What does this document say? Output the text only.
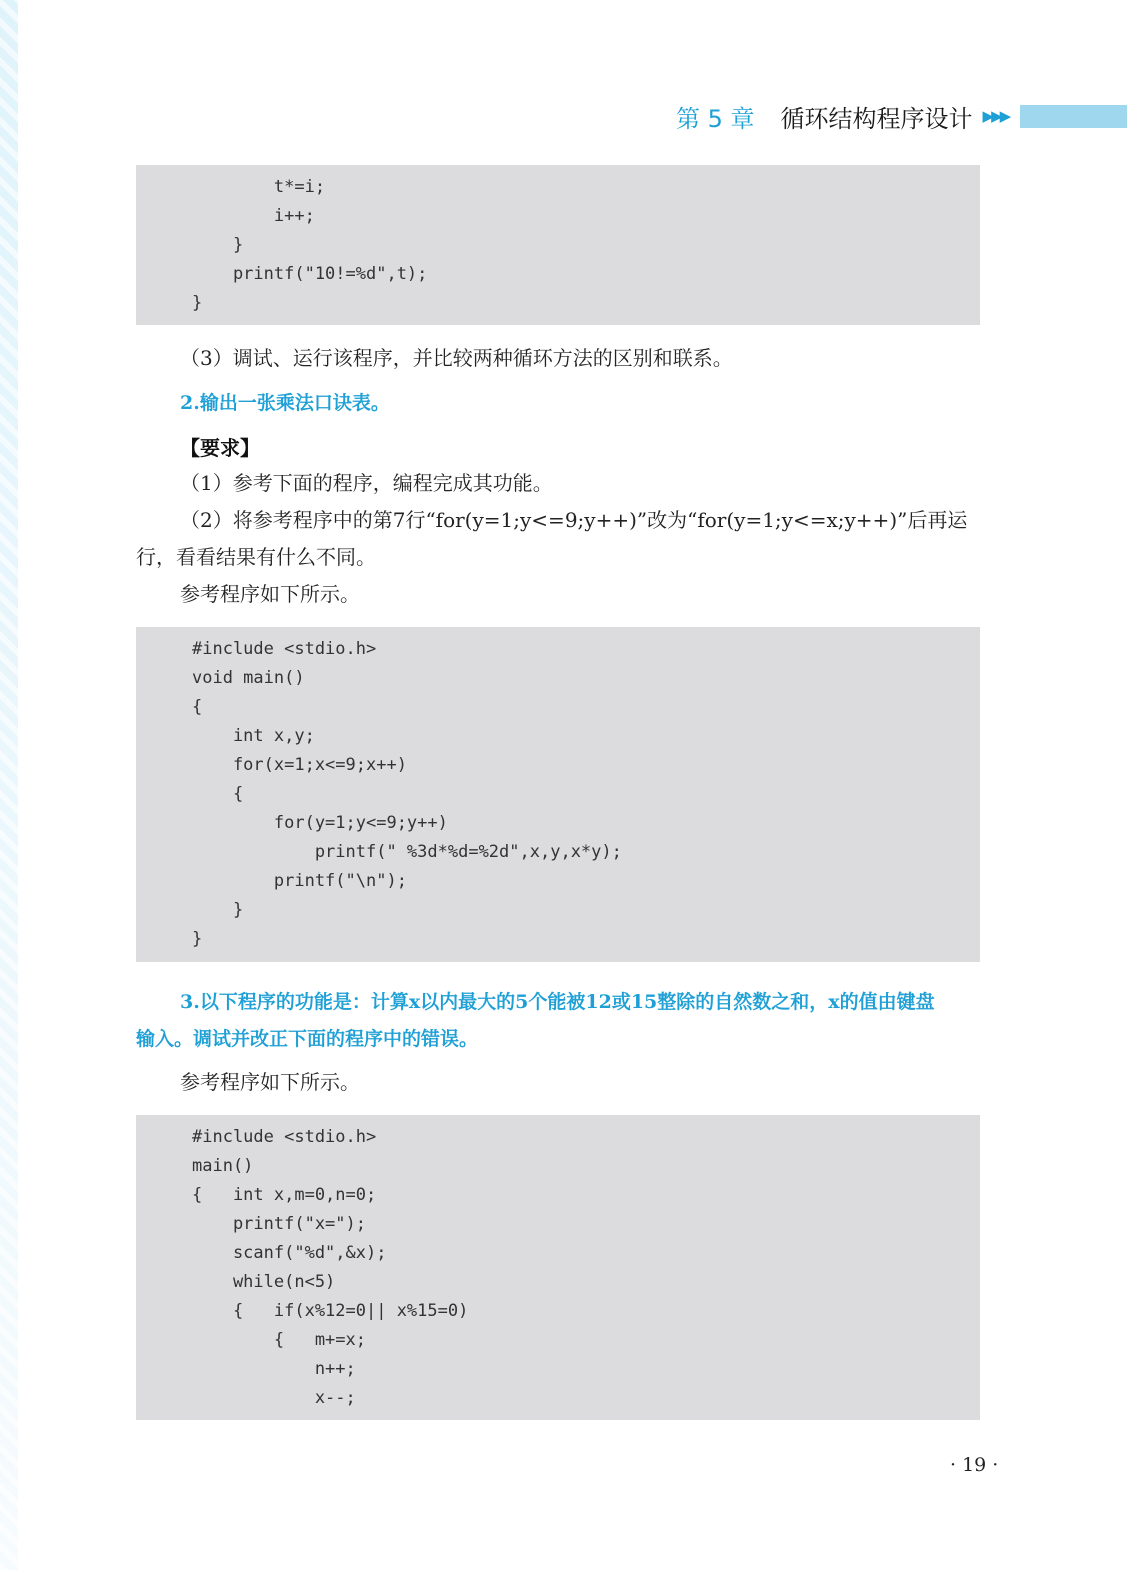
第 5 章 循环结构程序设计 ▶▶▶
t*=i;
i++;
}
printf("10!=%d",t);
}
（3）调试、运行该程序，并比较两种循环方法的区别和联系。
2.输出一张乘法口诀表。
【要求】
（1）参考下面的程序，编程完成其功能。
（2）将参考程序中的第7行“for(y=1;y<=9;y++)”改为“for(y=1;y<=x;y++)”后再运
行，看看结果有什么不同。
参考程序如下所示。
#include <stdio.h>
void main()
{
int x,y;
for(x=1;x<=9;x++)
{
for(y=1;y<=9;y++)
printf(" %3d*%d=%2d",x,y,x*y);
printf("\n");
}
}
3.以下程序的功能是：计算x以内最大的5个能被12或15整除的自然数之和，x的值由键盘
输入。调试并改正下面的程序中的错误。
参考程序如下所示。
#include <stdio.h>
main()
{   int x,m=0,n=0;
printf("x=");
scanf("%d",&x);
while(n<5)
{   if(x%12=0|| x%15=0)
{   m+=x;
n++;
x--;
· 19 ·
